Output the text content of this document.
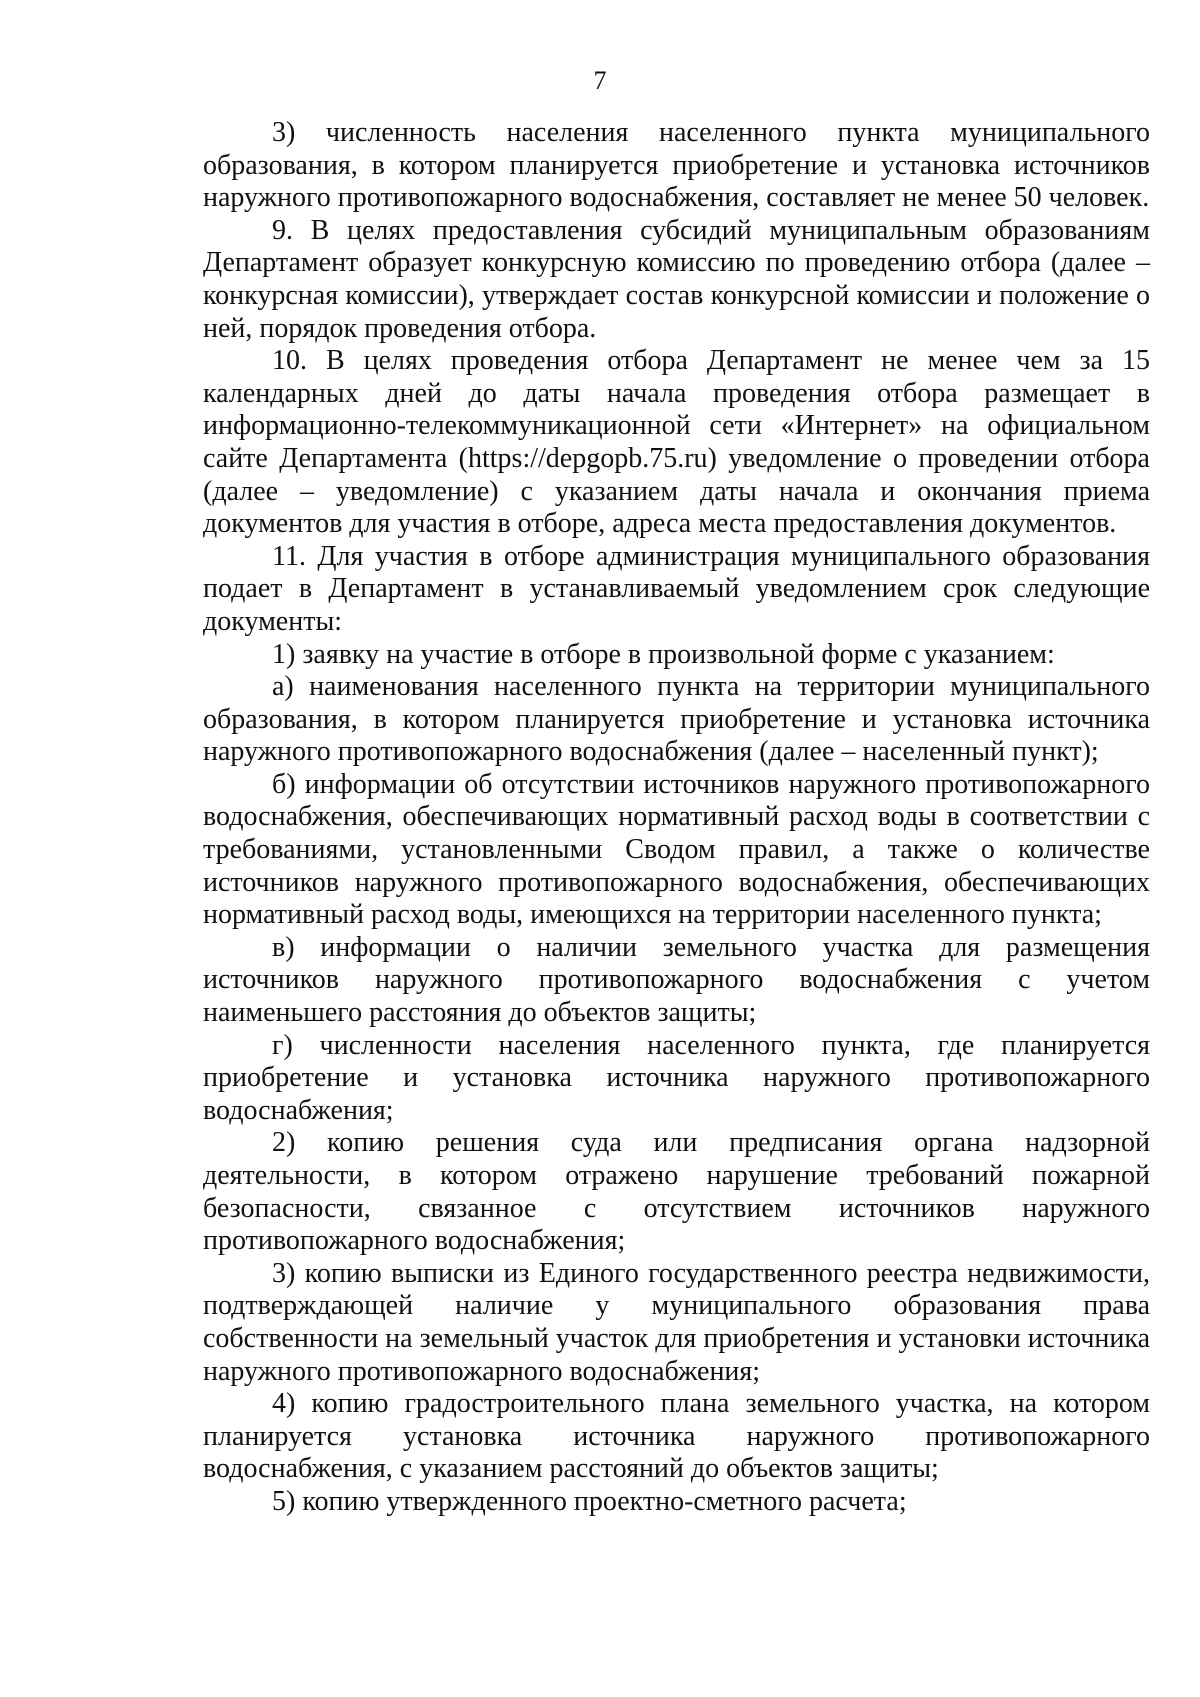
7

3) численность населения населенного пункта муниципального образования, в котором планируется приобретение и установка источников наружного противопожарного водоснабжения, составляет не менее 50 человек.

9. В целях предоставления субсидий муниципальным образованиям Департамент образует конкурсную комиссию по проведению отбора (далее – конкурсная комиссии), утверждает состав конкурсной комиссии и положение о ней, порядок проведения отбора.

10. В целях проведения отбора Департамент не менее чем за 15 календарных дней до даты начала проведения отбора размещает в информационно-телекоммуникационной сети «Интернет» на официальном сайте Департамента (https://depgopb.75.ru) уведомление о проведении отбора (далее – уведомление) с указанием даты начала и окончания приема документов для участия в отборе, адреса места предоставления документов.

11. Для участия в отборе администрация муниципального образования подает в Департамент в устанавливаемый уведомлением срок следующие документы:

1) заявку на участие в отборе в произвольной форме с указанием:

а) наименования населенного пункта на территории муниципального образования, в котором планируется приобретение и установка источника наружного противопожарного водоснабжения (далее – населенный пункт);

б) информации об отсутствии источников наружного противопожарного водоснабжения, обеспечивающих нормативный расход воды в соответствии с требованиями, установленными Сводом правил, а также о количестве источников наружного противопожарного водоснабжения, обеспечивающих нормативный расход воды, имеющихся на территории населенного пункта;

в) информации о наличии земельного участка для размещения источников наружного противопожарного водоснабжения с учетом наименьшего расстояния до объектов защиты;

г) численности населения населенного пункта, где планируется приобретение и установка источника наружного противопожарного водоснабжения;

2) копию решения суда или предписания органа надзорной деятельности, в котором отражено нарушение требований пожарной безопасности, связанное с отсутствием источников наружного противопожарного водоснабжения;

3) копию выписки из Единого государственного реестра недвижимости, подтверждающей наличие у муниципального образования права собственности на земельный участок для приобретения и установки источника наружного противопожарного водоснабжения;

4) копию градостроительного плана земельного участка, на котором планируется установка источника наружного противопожарного водоснабжения, с указанием расстояний до объектов защиты;

5) копию утвержденного проектно-сметного расчета;
